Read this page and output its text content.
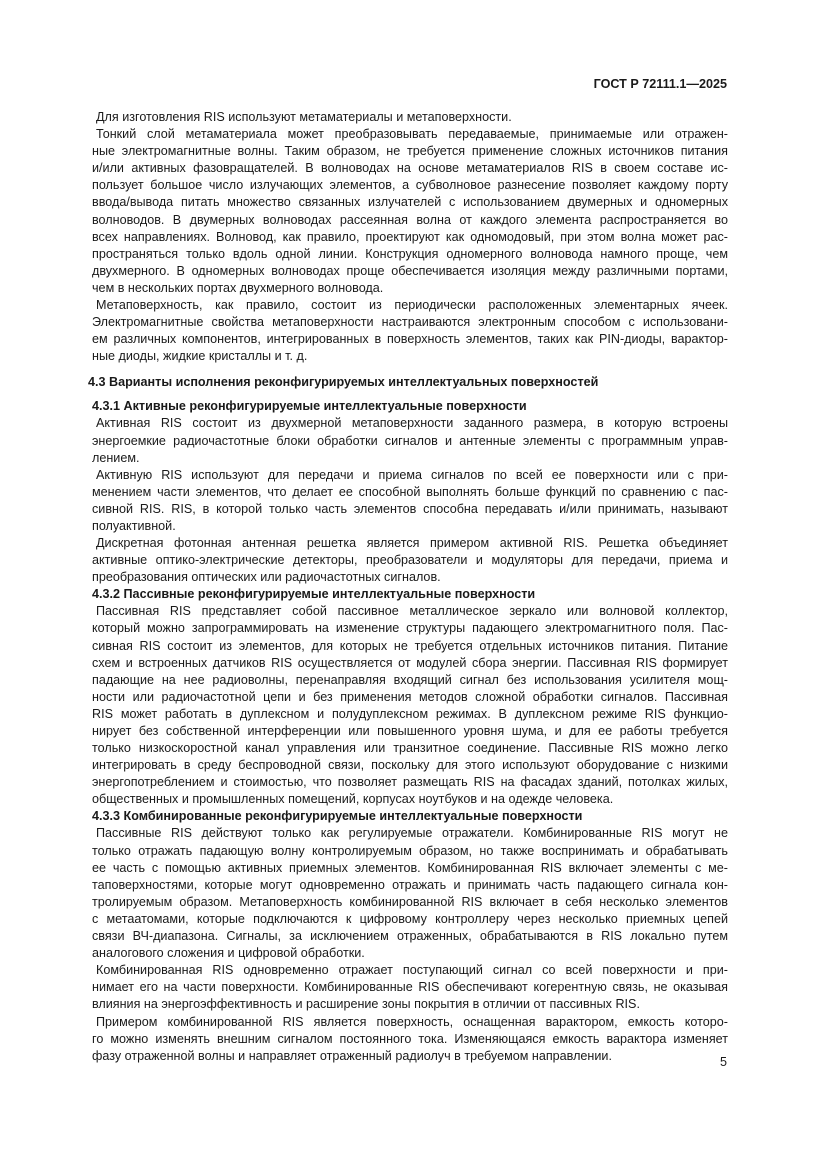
ГОСТ Р 72111.1—2025
Для изготовления RIS используют метаматериалы и метаповерхности.
Тонкий слой метаматериала может преобразовывать передаваемые, принимаемые или отражен-
ные электромагнитные волны. Таким образом, не требуется применение сложных источников питания
и/или активных фазовращателей. В волноводах на основе метаматериалов RIS в своем составе ис-
пользует большое число излучающих элементов, а субволновое разнесение позволяет каждому порту
ввода/вывода питать множество связанных излучателей с использованием двумерных и одномерных
волноводов. В двумерных волноводах рассеянная волна от каждого элемента распространяется во
всех направлениях. Волновод, как правило, проектируют как одномодовый, при этом волна может рас-
пространяться только вдоль одной линии. Конструкция одномерного волновода намного проще, чем
двухмерного. В одномерных волноводах проще обеспечивается изоляция между различными портами,
чем в нескольких портах двухмерного волновода.
Метаповерхность, как правило, состоит из периодически расположенных элементарных ячеек.
Электромагнитные свойства метаповерхности настраиваются электронным способом с использовани-
ем различных компонентов, интегрированных в поверхность элементов, таких как PIN-диоды, варактор-
ные диоды, жидкие кристаллы и т. д.
4.3 Варианты исполнения реконфигурируемых интеллектуальных поверхностей
4.3.1 Активные реконфигурируемые интеллектуальные поверхности
Активная RIS состоит из двухмерной метаповерхности заданного размера, в которую встроены
энергоемкие радиочастотные блоки обработки сигналов и антенные элементы с программным управ-
лением.
Активную RIS используют для передачи и приема сигналов по всей ее поверхности или с при-
менением части элементов, что делает ее способной выполнять больше функций по сравнению с пас-
сивной RIS. RIS, в которой только часть элементов способна передавать и/или принимать, называют
полуактивной.
Дискретная фотонная антенная решетка является примером активной RIS. Решетка объединяет
активные оптико-электрические детекторы, преобразователи и модуляторы для передачи, приема и
преобразования оптических или радиочастотных сигналов.
4.3.2 Пассивные реконфигурируемые интеллектуальные поверхности
Пассивная RIS представляет собой пассивное металлическое зеркало или волновой коллектор,
который можно запрограммировать на изменение структуры падающего электромагнитного поля. Пас-
сивная RIS состоит из элементов, для которых не требуется отдельных источников питания. Питание
схем и встроенных датчиков RIS осуществляется от модулей сбора энергии. Пассивная RIS формирует
падающие на нее радиоволны, перенаправляя входящий сигнал без использования усилителя мощ-
ности или радиочастотной цепи и без применения методов сложной обработки сигналов. Пассивная
RIS может работать в дуплексном и полудуплексном режимах. В дуплексном режиме RIS функцио-
нирует без собственной интерференции или повышенного уровня шума, и для ее работы требуется
только низкоскоростной канал управления или транзитное соединение. Пассивные RIS можно легко
интегрировать в среду беспроводной связи, поскольку для этого используют оборудование с низкими
энергопотреблением и стоимостью, что позволяет размещать RIS на фасадах зданий, потолках жилых,
общественных и промышленных помещений, корпусах ноутбуков и на одежде человека.
4.3.3 Комбинированные реконфигурируемые интеллектуальные поверхности
Пассивные RIS действуют только как регулируемые отражатели. Комбинированные RIS могут не
только отражать падающую волну контролируемым образом, но также воспринимать и обрабатывать
ее часть с помощью активных приемных элементов. Комбинированная RIS включает элементы с ме-
таповерхностями, которые могут одновременно отражать и принимать часть падающего сигнала кон-
тролируемым образом. Метаповерхность комбинированной RIS включает в себя несколько элементов
с метаатомами, которые подключаются к цифровому контроллеру через несколько приемных цепей
связи ВЧ-диапазона. Сигналы, за исключением отраженных, обрабатываются в RIS локально путем
аналогового сложения и цифровой обработки.
Комбинированная RIS одновременно отражает поступающий сигнал со всей поверхности и при-
нимает его на части поверхности. Комбинированные RIS обеспечивают когерентную связь, не оказывая
влияния на энергоэффективность и расширение зоны покрытия в отличии от пассивных RIS.
Примером комбинированной RIS является поверхность, оснащенная варактором, емкость которо-
го можно изменять внешним сигналом постоянного тока. Изменяющаяся емкость варактора изменяет
фазу отраженной волны и направляет отраженный радиолуч в требуемом направлении.	5
